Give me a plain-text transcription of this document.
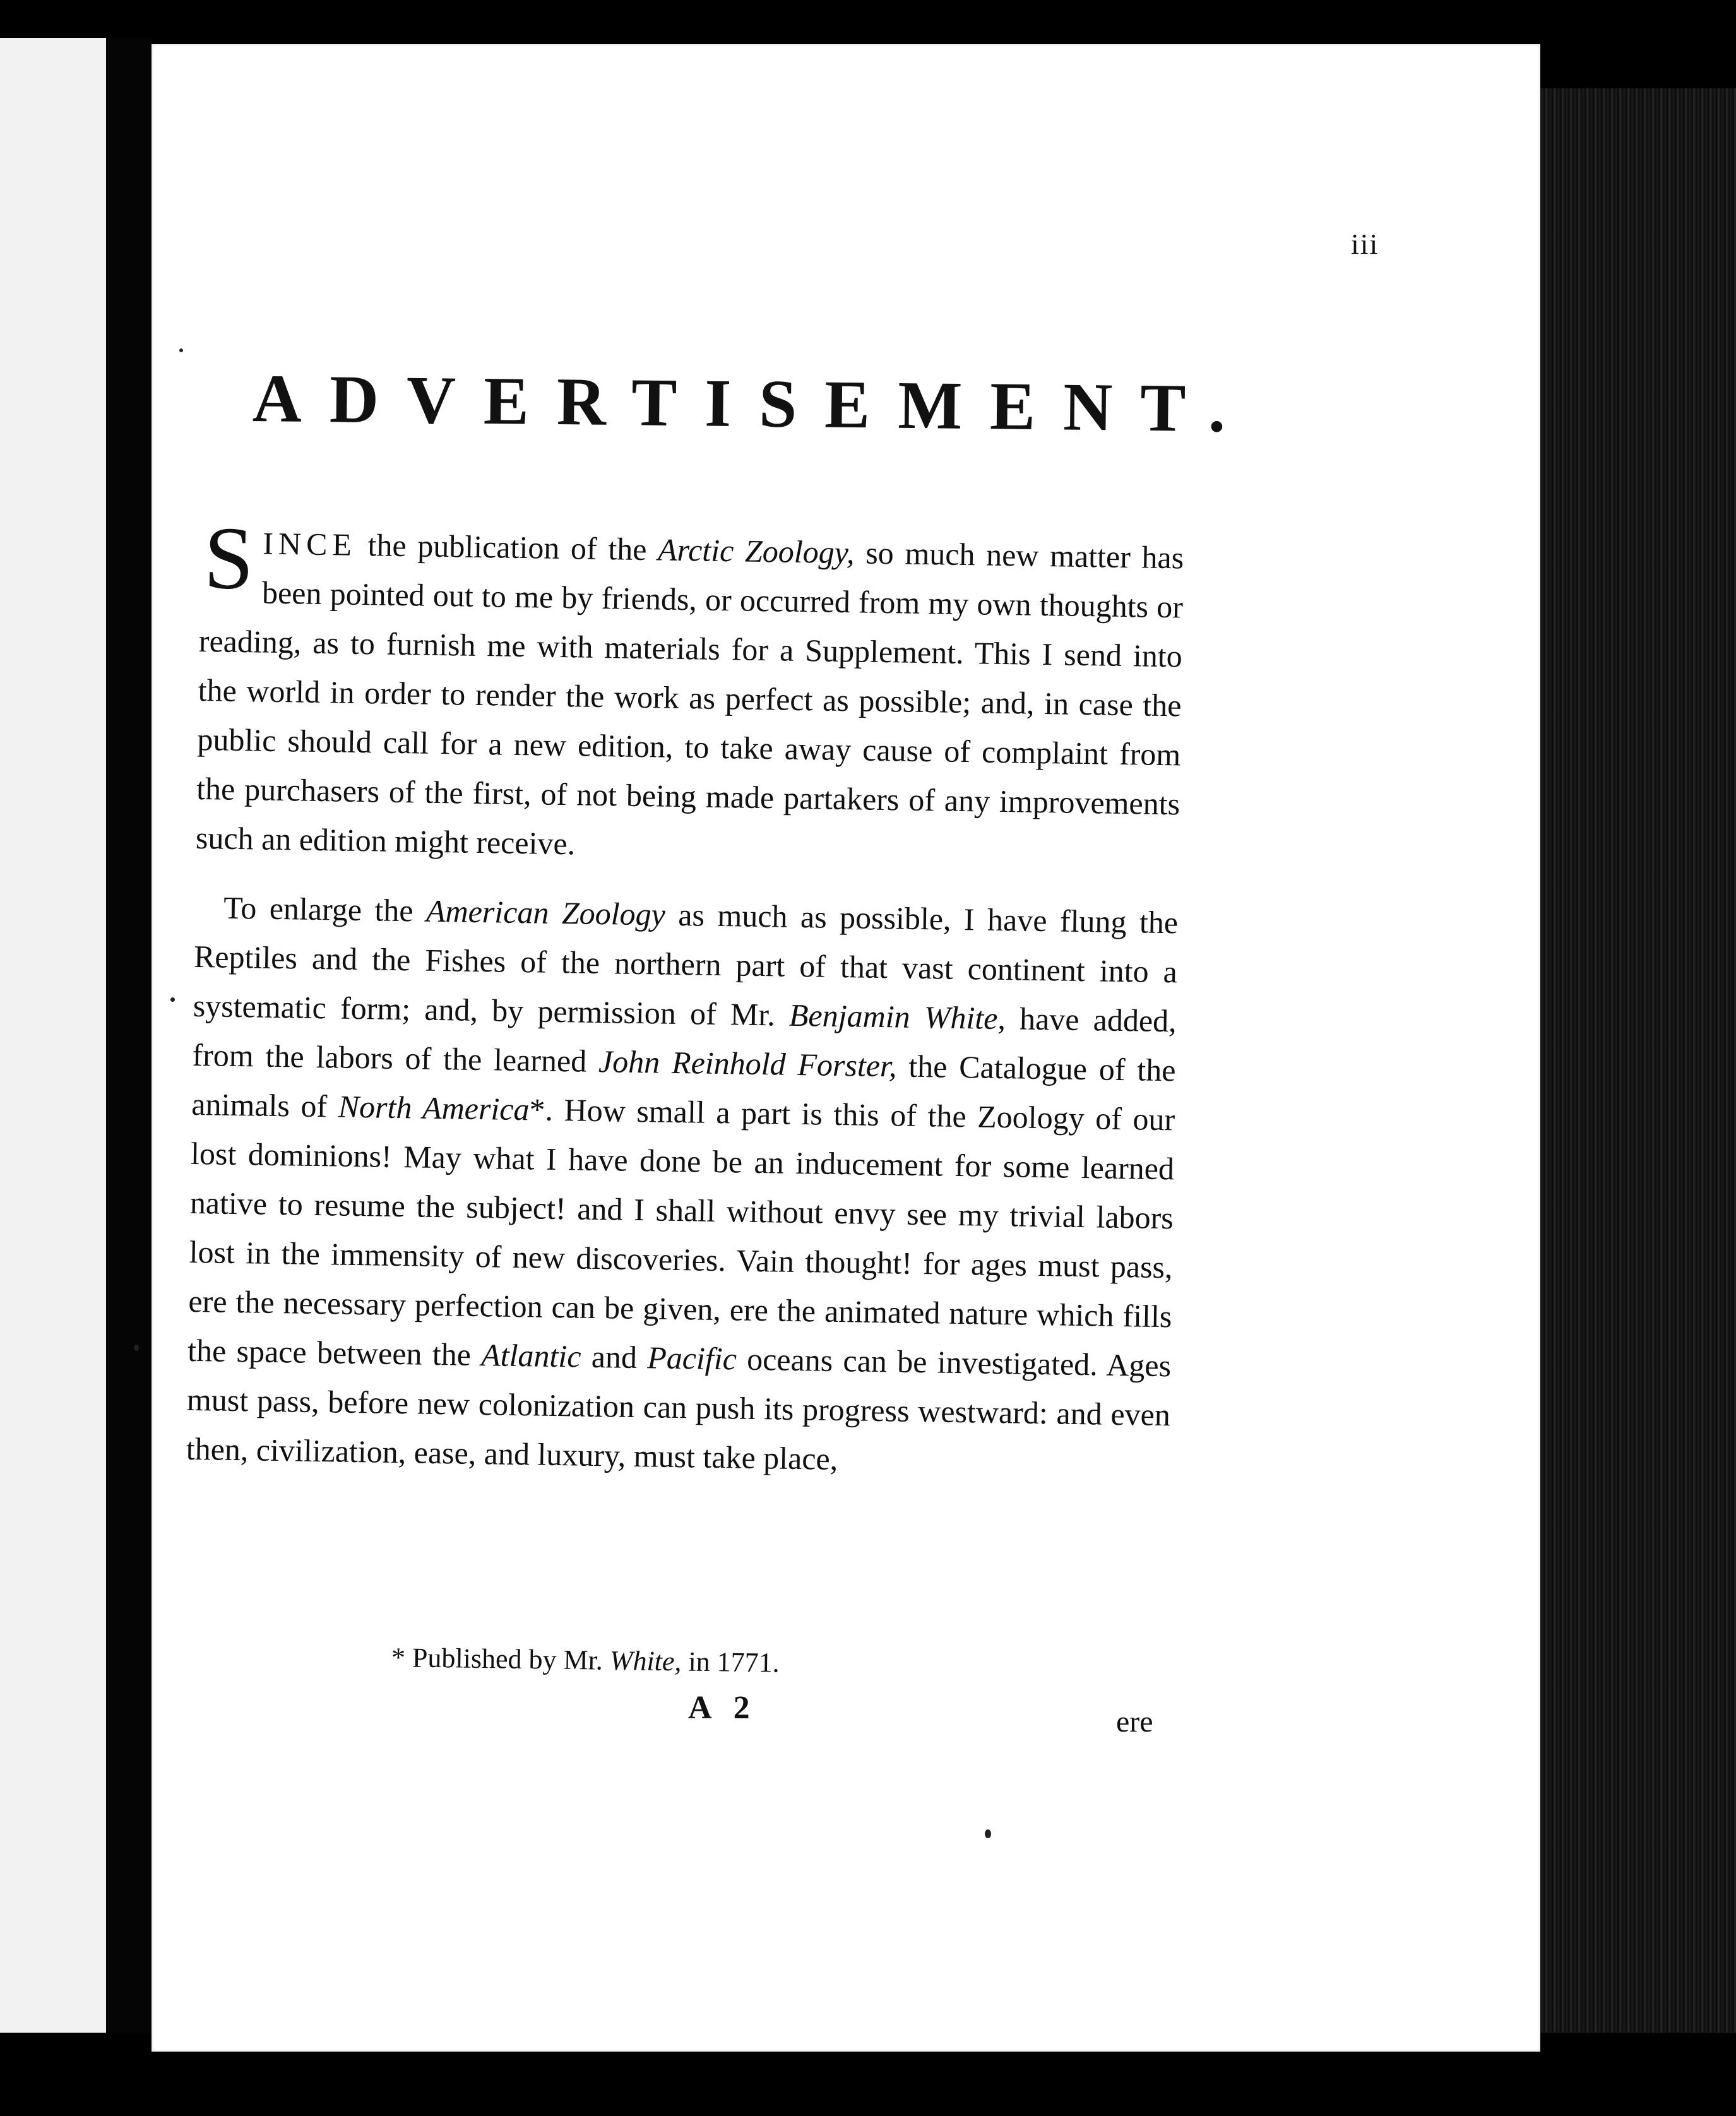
iii
ADVERTISEMENT.

SINCE the publication of the Arctic Zoology, so much new matter has been pointed out to me by friends, or occurred from my own thoughts or reading, as to furnish me with materials for a Supplement. This I send into the world in order to render the work as perfect as possible; and, in case the public should call for a new edition, to take away cause of complaint from the purchasers of the first, of not being made partakers of any improvements such an edition might receive.

To enlarge the American Zoology as much as possible, I have flung the Reptiles and the Fishes of the northern part of that vast continent into a systematic form; and, by permission of Mr. Benjamin White, have added, from the labors of the learned John Reinhold Forster, the Catalogue of the animals of North America*. How small a part is this of the Zoology of our lost dominions! May what I have done be an inducement for some learned native to resume the subject! and I shall without envy see my trivial labors lost in the immensity of new discoveries. Vain thought! for ages must pass, ere the necessary perfection can be given, ere the animated nature which fills the space between the Atlantic and Pacific oceans can be investigated. Ages must pass, before new colonization can push its progress westward: and even then, civilization, ease, and luxury, must take place,

* Published by Mr. White, in 1771.
A 2	ere
